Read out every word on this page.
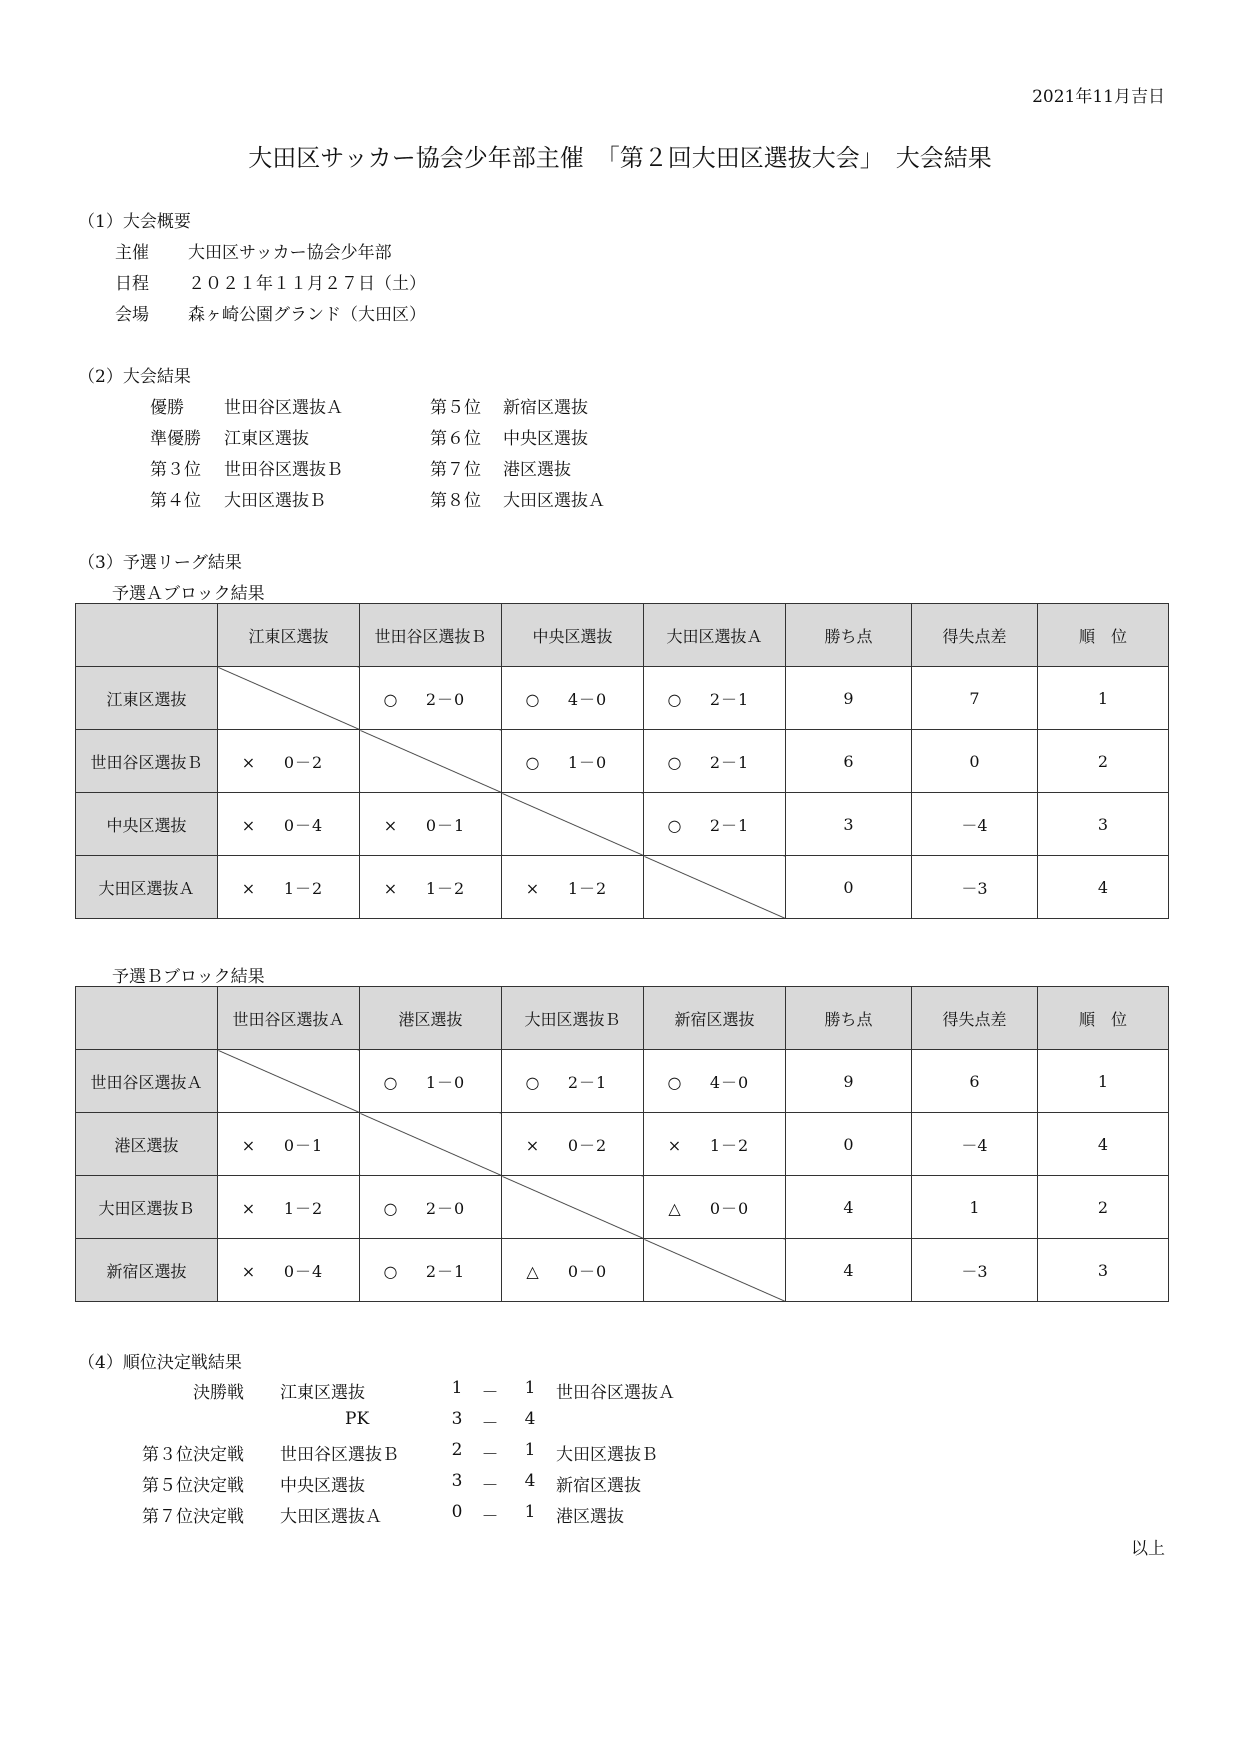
2021年11月吉日
大田区サッカー協会少年部主催　「第２回大田区選抜大会」　大会結果
（1）大会概要
主催 大田区サッカー協会少年部
日程 ２０２１年１１月２７日（土）
会場 森ヶ崎公園グランド（大田区）
（2）大会結果
優勝 世田谷区選抜Ａ
準優勝 江東区選抜
第３位 世田谷区選抜Ｂ
第４位 大田区選抜Ｂ
第５位 新宿区選抜
第６位 中央区選抜
第７位 港区選抜
第８位 大田区選抜Ａ
（3）予選リーグ結果
予選Ａブロック結果
	江東区選抜	世田谷区選抜Ｂ	中央区選抜	大田区選抜Ａ	勝ち点	得失点差	順　位
江東区選抜		○ 2－0	○ 4－0	○ 2－1	9	7	1
世田谷区選抜Ｂ	× 0－2		○ 1－0	○ 2－1	6	0	2
中央区選抜	× 0－4	× 0－1		○ 2－1	3	－4	3
大田区選抜Ａ	× 1－2	× 1－2	× 1－2		0	－3	4
予選Ｂブロック結果
	世田谷区選抜Ａ	港区選抜	大田区選抜Ｂ	新宿区選抜	勝ち点	得失点差	順　位
世田谷区選抜Ａ		○ 1－0	○ 2－1	○ 4－0	9	6	1
港区選抜	× 0－1		× 0－2	× 1－2	0	－4	4
大田区選抜Ｂ	× 1－2	○ 2－0		△ 0－0	4	1	2
新宿区選抜	× 0－4	○ 2－1	△ 0－0		4	－3	3
（4）順位決定戦結果
決勝戦 江東区選抜	1 － 1 世田谷区選抜Ａ
PK	3 － 4
第３位決定戦 世田谷区選抜Ｂ	2 － 1 大田区選抜Ｂ
第５位決定戦 中央区選抜	3 － 4 新宿区選抜
第７位決定戦 大田区選抜Ａ	0 － 1 港区選抜
以上
